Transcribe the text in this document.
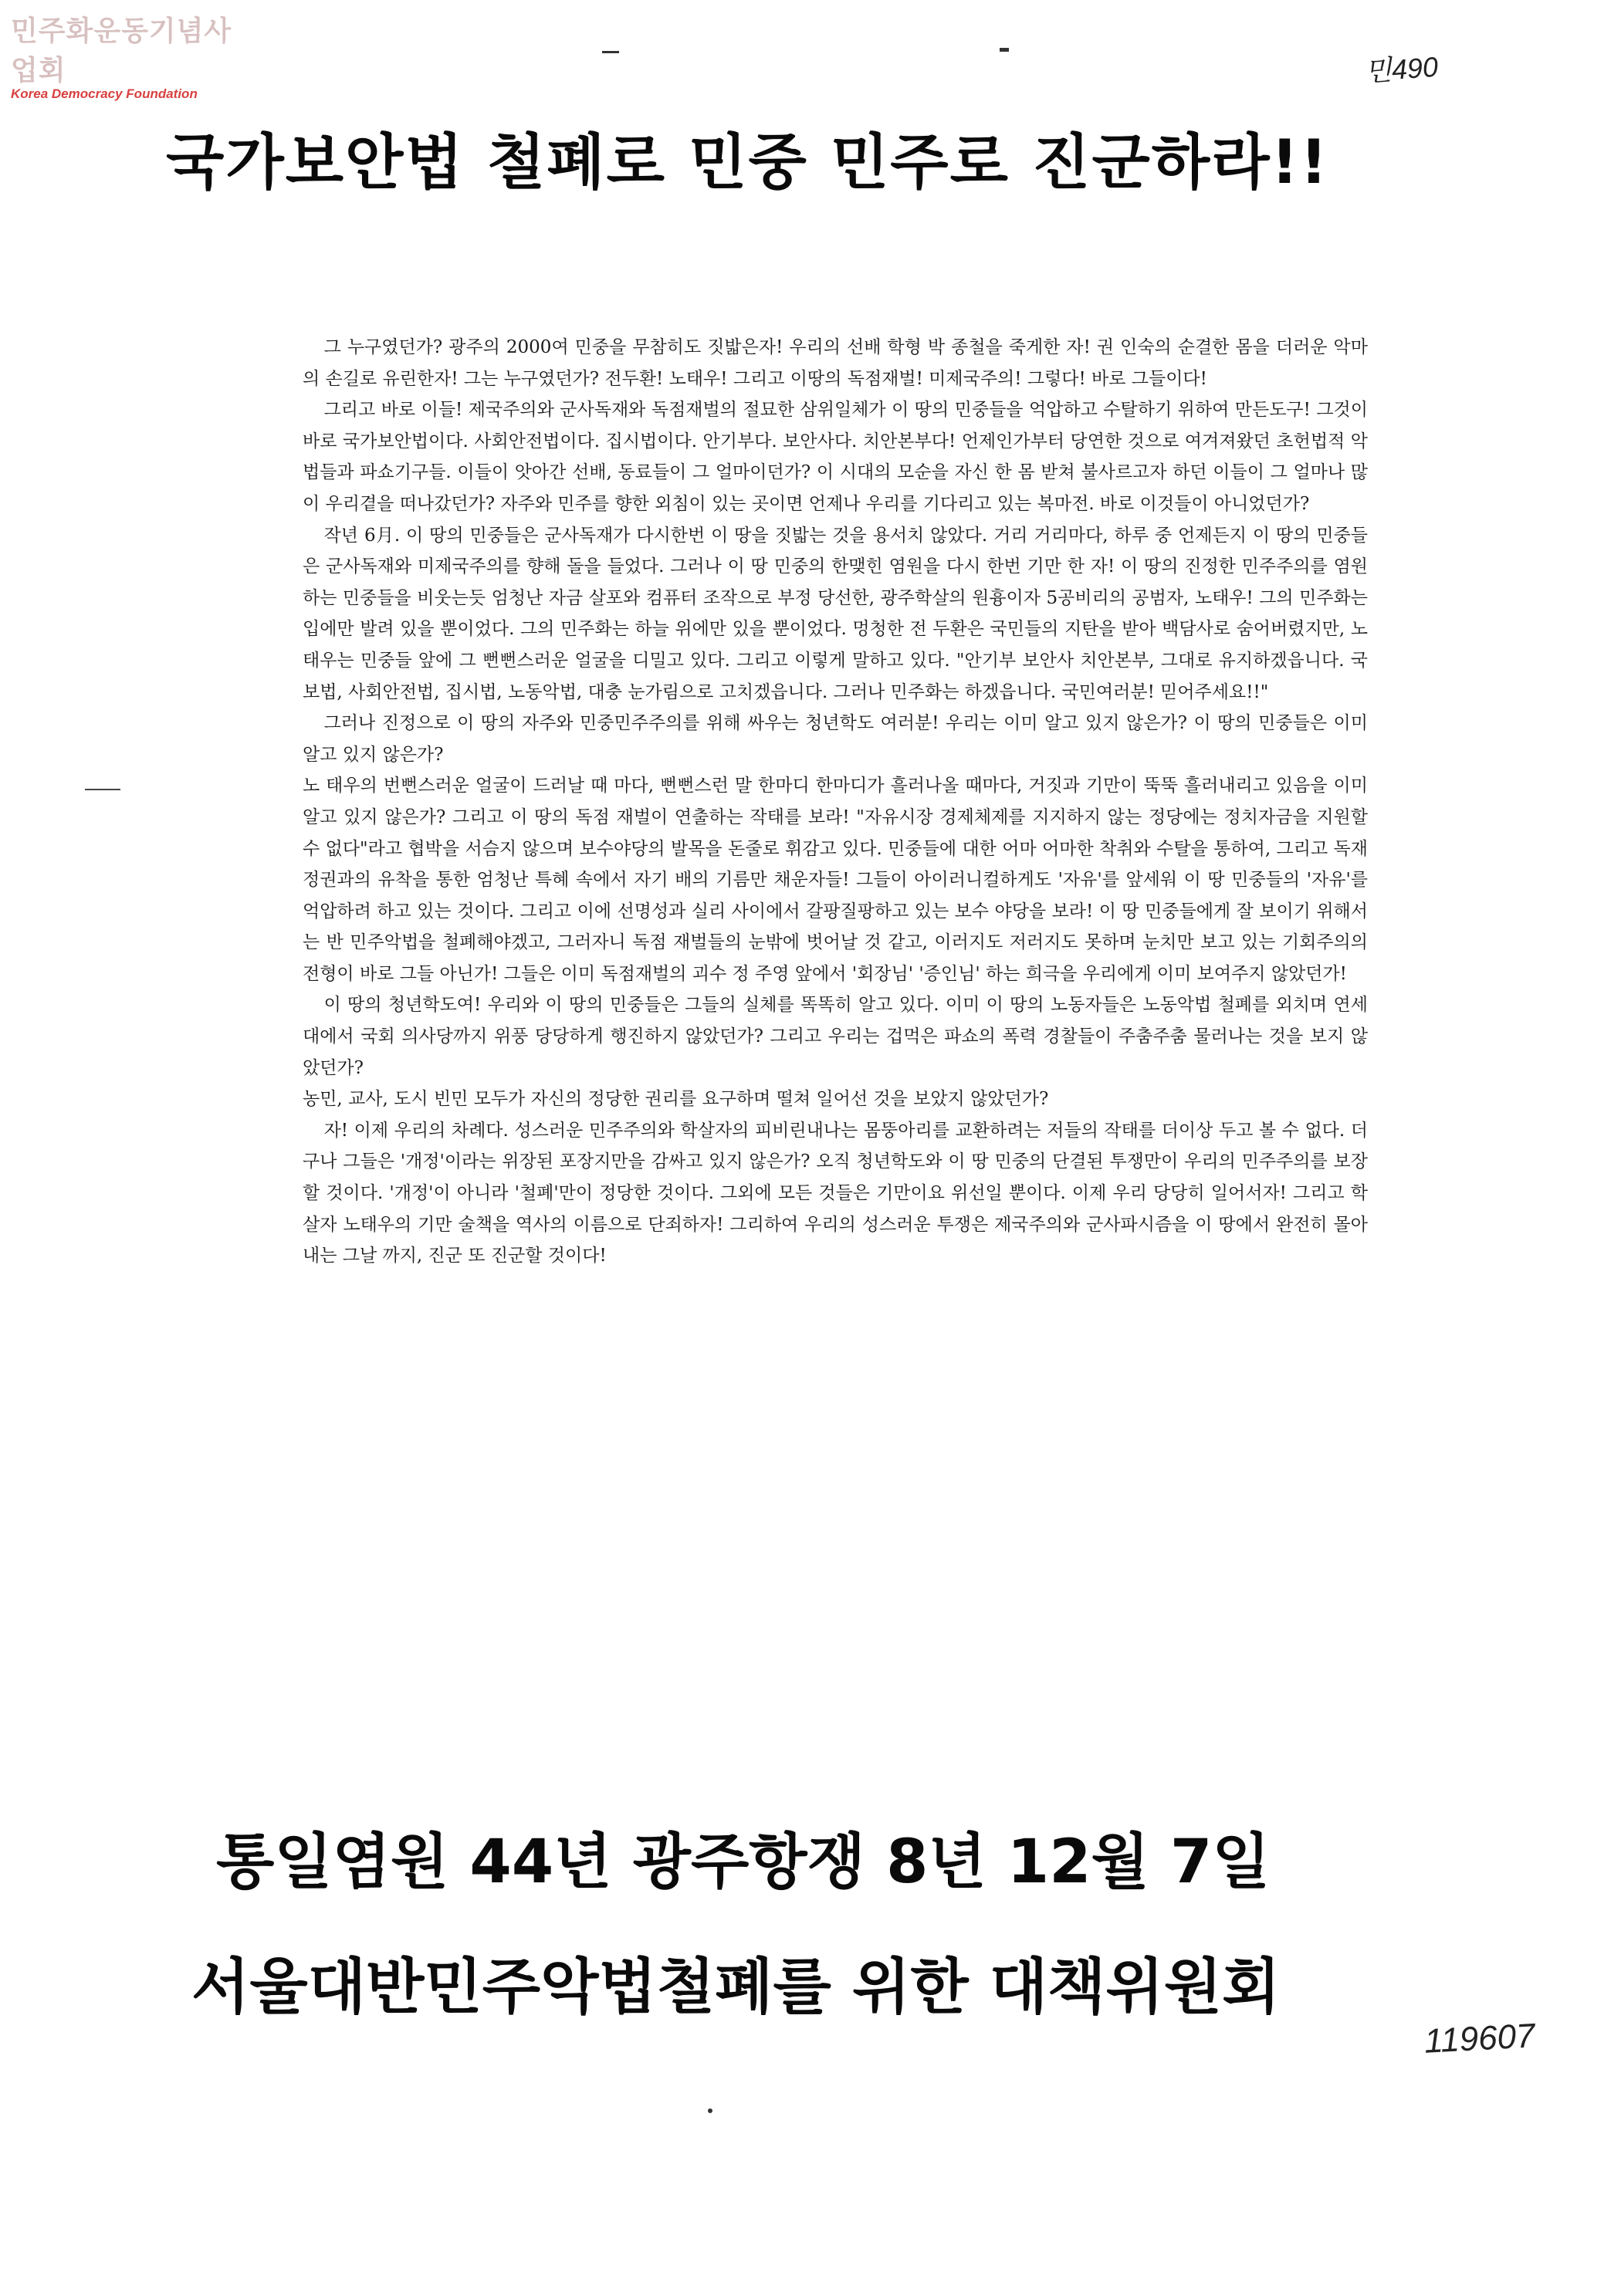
민주화운동기념사업회
Korea Democracy Foundation
민490
국가보안법 철폐로 민중 민주로 진군하라!!

그 누구였던가? 광주의 2000여 민중을 무참히도 짓밟은자! 우리의 선배 학형 박 종철을 죽게한 자! 권 인숙의 순결한 몸을 더러운 악마의 손길로 유린한자! 그는 누구였던가? 전두환! 노태우! 그리고 이땅의 독점재벌! 미제국주의! 그렇다! 바로 그들이다!

그리고 바로 이들! 제국주의와 군사독재와 독점재벌의 절묘한 삼위일체가 이 땅의 민중들을 억압하고 수탈하기 위하여 만든도구! 그것이 바로 국가보안법이다. 사회안전법이다. 집시법이다. 안기부다. 보안사다. 치안본부다! 언제인가부터 당연한 것으로 여겨져왔던 초헌법적 악법들과 파쇼기구들. 이들이 앗아간 선배, 동료들이 그 얼마이던가? 이 시대의 모순을 자신 한 몸 받쳐 불사르고자 하던 이들이 그 얼마나 많이 우리곁을 떠나갔던가? 자주와 민주를 향한 외침이 있는 곳이면 언제나 우리를 기다리고 있는 복마전. 바로 이것들이 아니었던가?

작년 6月. 이 땅의 민중들은 군사독재가 다시한번 이 땅을 짓밟는 것을 용서치 않았다. 거리 거리마다, 하루 중 언제든지 이 땅의 민중들은 군사독재와 미제국주의를 향해 돌을 들었다. 그러나 이 땅 민중의 한맺힌 염원을 다시 한번 기만 한 자! 이 땅의 진정한 민주주의를 염원하는 민중들을 비웃는듯 엄청난 자금 살포와 컴퓨터 조작으로 부정 당선한, 광주학살의 원흉이자 5공비리의 공범자, 노태우! 그의 민주화는 입에만 발려 있을 뿐이었다. 그의 민주화는 하늘 위에만 있을 뿐이었다. 멍청한 전 두환은 국민들의 지탄을 받아 백담사로 숨어버렸지만, 노태우는 민중들 앞에 그 뻔뻔스러운 얼굴을 디밀고 있다. 그리고 이렇게 말하고 있다. "안기부 보안사 치안본부, 그대로 유지하겠읍니다. 국보법, 사회안전법, 집시법, 노동악법, 대충 눈가림으로 고치겠읍니다. 그러나 민주화는 하겠읍니다. 국민여러분! 믿어주세요!!"

그러나 진정으로 이 땅의 자주와 민중민주주의를 위해 싸우는 청년학도 여러분! 우리는 이미 알고 있지 않은가? 이 땅의 민중들은 이미 알고 있지 않은가?

노 태우의 번뻔스러운 얼굴이 드러날 때 마다, 뻔뻔스런 말 한마디 한마디가 흘러나올 때마다, 거짓과 기만이 뚝뚝 흘러내리고 있음을 이미 알고 있지 않은가? 그리고 이 땅의 독점 재벌이 연출하는 작태를 보라! "자유시장 경제체제를 지지하지 않는 정당에는 정치자금을 지원할 수 없다"라고 협박을 서슴지 않으며 보수야당의 발목을 돈줄로 휘감고 있다. 민중들에 대한 어마 어마한 착취와 수탈을 통하여, 그리고 독재 정권과의 유착을 통한 엄청난 특혜 속에서 자기 배의 기름만 채운자들! 그들이 아이러니컬하게도 '자유'를 앞세워 이 땅 민중들의 '자유'를 억압하려 하고 있는 것이다. 그리고 이에 선명성과 실리 사이에서 갈팡질팡하고 있는 보수 야당을 보라! 이 땅 민중들에게 잘 보이기 위해서는 반 민주악법을 철폐해야겠고, 그러자니 독점 재벌들의 눈밖에 벗어날 것 같고, 이러지도 저러지도 못하며 눈치만 보고 있는 기회주의의 전형이 바로 그들 아닌가! 그들은 이미 독점재벌의 괴수 정 주영 앞에서 '회장님' '증인님' 하는 희극을 우리에게 이미 보여주지 않았던가!

이 땅의 청년학도여! 우리와 이 땅의 민중들은 그들의 실체를 똑똑히 알고 있다. 이미 이 땅의 노동자들은 노동악법 철폐를 외치며 연세대에서 국회 의사당까지 위풍 당당하게 행진하지 않았던가? 그리고 우리는 겁먹은 파쇼의 폭력 경찰들이 주춤주춤 물러나는 것을 보지 않았던가?

농민, 교사, 도시 빈민 모두가 자신의 정당한 권리를 요구하며 떨쳐 일어선 것을 보았지 않았던가?

자! 이제 우리의 차례다. 성스러운 민주주의와 학살자의 피비린내나는 몸뚱아리를 교환하려는 저들의 작태를 더이상 두고 볼 수 없다. 더구나 그들은 '개정'이라는 위장된 포장지만을 감싸고 있지 않은가? 오직 청년학도와 이 땅 민중의 단결된 투쟁만이 우리의 민주주의를 보장할 것이다. '개정'이 아니라 '철폐'만이 정당한 것이다. 그외에 모든 것들은 기만이요 위선일 뿐이다. 이제 우리 당당히 일어서자! 그리고 학살자 노태우의 기만 술책을 역사의 이름으로 단죄하자! 그리하여 우리의 성스러운 투쟁은 제국주의와 군사파시즘을 이 땅에서 완전히 몰아내는 그날 까지, 진군 또 진군할 것이다!

통일염원 44년 광주항쟁 8년 12월 7일
서울대반민주악법철폐를 위한 대책위원회
119607
